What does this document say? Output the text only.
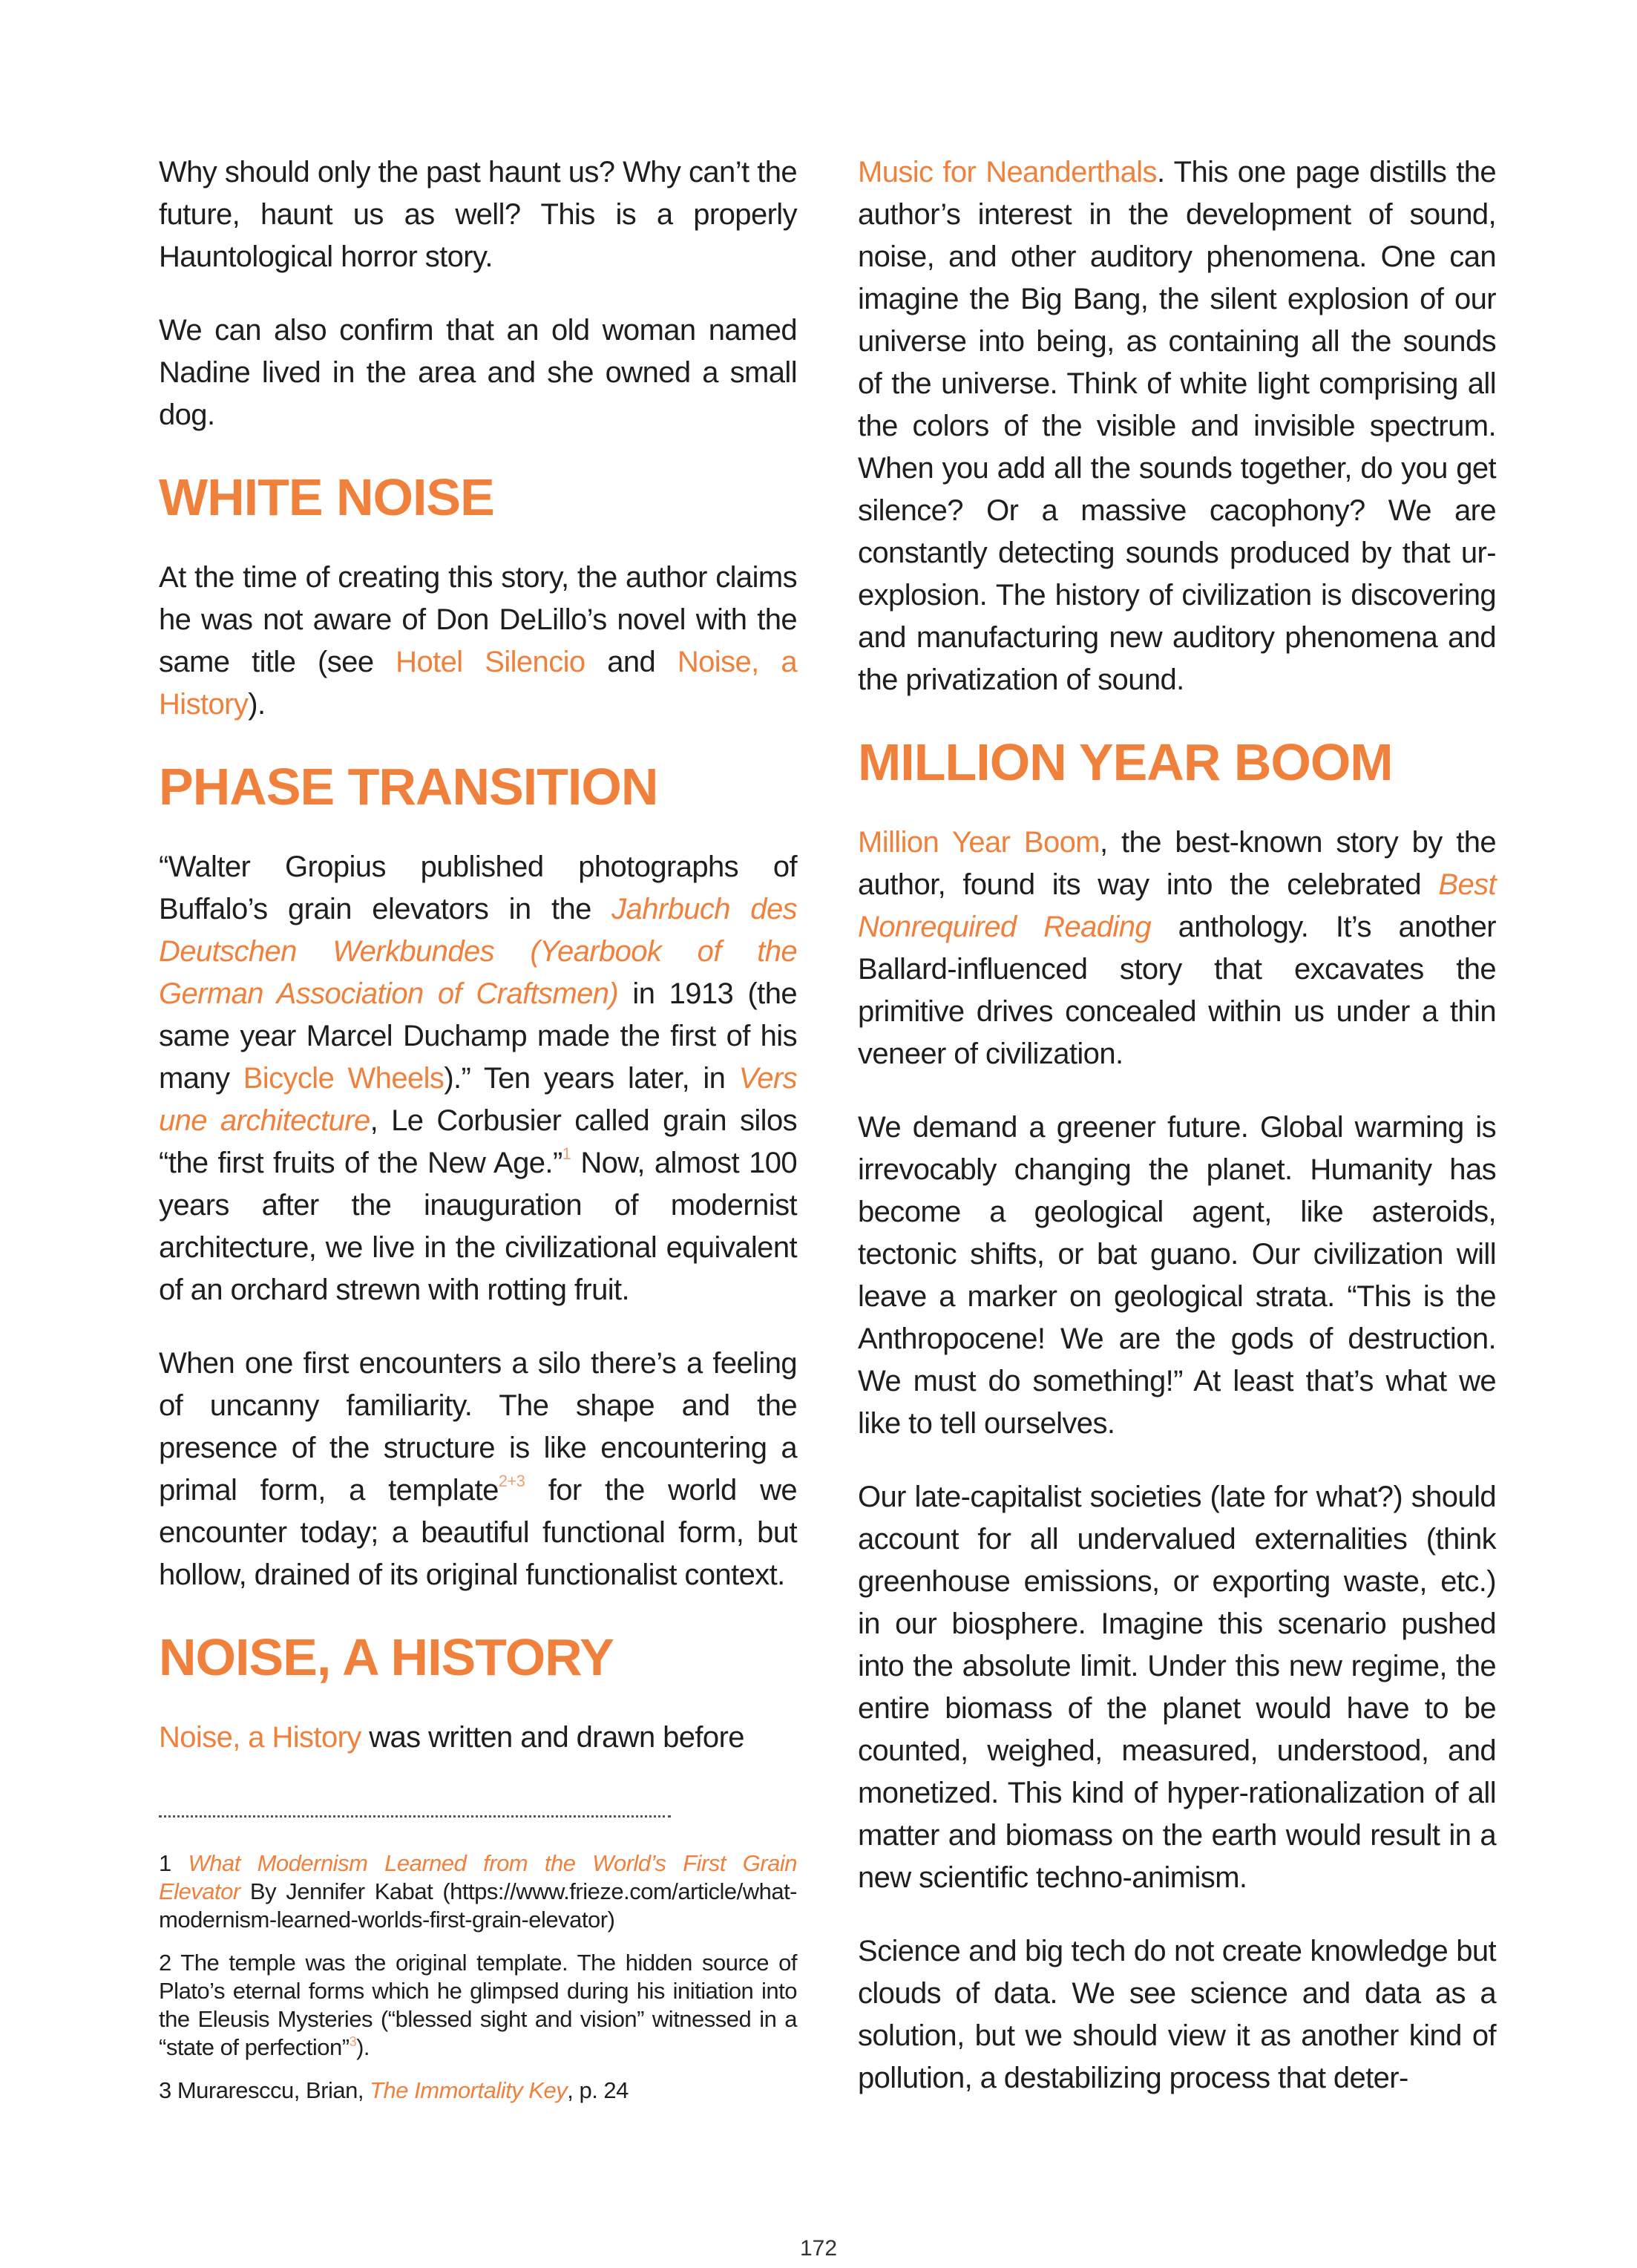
Why should only the past haunt us? Why can’t the future, haunt us as well? This is a properly Hauntological horror story.

We can also confirm that an old woman named Nadine lived in the area and she owned a small dog.

WHITE NOISE

At the time of creating this story, the author claims he was not aware of Don DeLillo’s novel with the same title (see Hotel Silencio and Noise, a History).

PHASE TRANSITION

“Walter Gropius published photographs of Buffalo’s grain elevators in the Jahrbuch des Deutschen Werkbundes (Yearbook of the German Association of Craftsmen) in 1913 (the same year Marcel Duchamp made the first of his many Bicycle Wheels).” Ten years later, in Vers une architecture, Le Corbusier called grain silos “the first fruits of the New Age.”$^1$ Now, almost 100 years after the inauguration of modernist architecture, we live in the civilizational equivalent of an orchard strewn with rotting fruit.

When one first encounters a silo there’s a feeling of uncanny familiarity. The shape and the presence of the structure is like encountering a primal form, a template$^{2+3}$ for the world we encounter today; a beautiful functional form, but hollow, drained of its original functionalist context.

NOISE, A HISTORY

Noise, a History was written and drawn before

1 What Modernism Learned from the World’s First Grain Elevator By Jennifer Kabat (https://www.frieze.com/article/what-modernism-learned-worlds-first-grain-elevator)

2 The temple was the original template. The hidden source of Plato’s eternal forms which he glimpsed during his initiation into the Eleusis Mysteries (“blessed sight and vision” witnessed in a “state of perfection”$^3$).

3 Muraresccu, Brian, The Immortality Key, p. 24

Music for Neanderthals. This one page distills the author’s interest in the development of sound, noise, and other auditory phenomena. One can imagine the Big Bang, the silent explosion of our universe into being, as containing all the sounds of the universe. Think of white light comprising all the colors of the visible and invisible spectrum. When you add all the sounds together, do you get silence? Or a massive cacophony? We are constantly detecting sounds produced by that ur-explosion. The history of civilization is discovering and manufacturing new auditory phenomena and the privatization of sound.

MILLION YEAR BOOM

Million Year Boom, the best-known story by the author, found its way into the celebrated Best Nonrequired Reading anthology. It’s another Ballard-influenced story that excavates the primitive drives concealed within us under a thin veneer of civilization.

We demand a greener future. Global warming is irrevocably changing the planet. Humanity has become a geological agent, like asteroids, tectonic shifts, or bat guano. Our civilization will leave a marker on geological strata. “This is the Anthropocene! We are the gods of destruction. We must do something!” At least that’s what we like to tell ourselves.

Our late-capitalist societies (late for what?) should account for all undervalued externalities (think greenhouse emissions, or exporting waste, etc.) in our biosphere. Imagine this scenario pushed into the absolute limit. Under this new regime, the entire biomass of the planet would have to be counted, weighed, measured, understood, and monetized. This kind of hyper-rationalization of all matter and biomass on the earth would result in a new scientific techno-animism.

Science and big tech do not create knowledge but clouds of data. We see science and data as a solution, but we should view it as another kind of pollution, a destabilizing process that deter-

172
